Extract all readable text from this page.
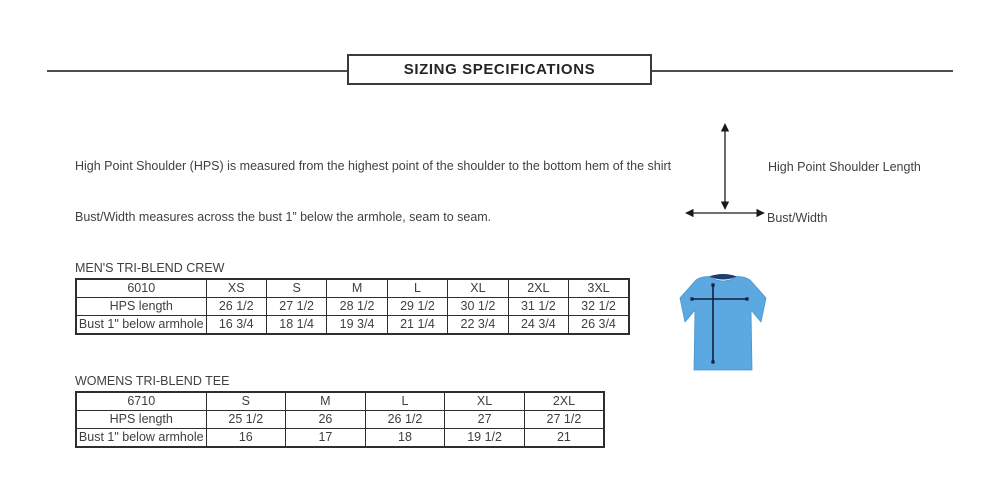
SIZING SPECIFICATIONS
High Point Shoulder (HPS) is measured from the highest point of the shoulder to the bottom hem of the shirt
Bust/Width measures across the bust 1” below the armhole, seam to seam.
High Point Shoulder Length
Bust/Width
MEN'S TRI-BLEND CREW
6010	XS	S	M	L	XL	2XL	3XL
HPS length	26 1/2	27 1/2	28 1/2	29 1/2	30 1/2	31 1/2	32 1/2
Bust 1" below armhole	16 3/4	18 1/4	19 3/4	21 1/4	22 3/4	24 3/4	26 3/4
WOMENS TRI-BLEND TEE
6710	S	M	L	XL	2XL
HPS length	25 1/2	26	26 1/2	27	27 1/2
Bust 1" below armhole	16	17	18	19 1/2	21
